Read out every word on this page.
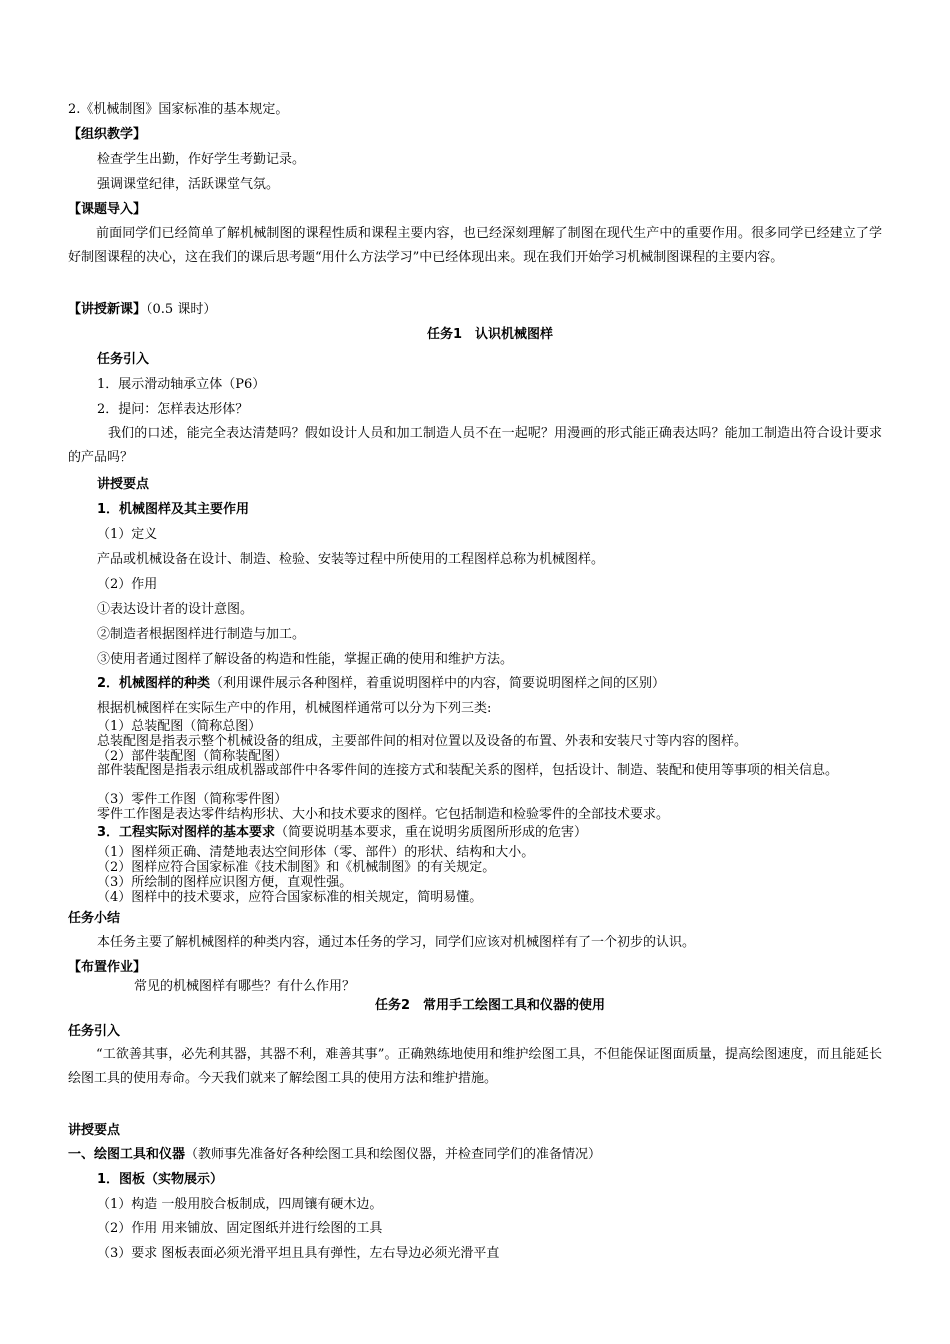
2.《机械制图》国家标准的基本规定。
【组织教学】
检查学生出勤，作好学生考勤记录。
强调课堂纪律，活跃课堂气氛。
【课题导入】
前面同学们已经简单了解机械制图的课程性质和课程主要内容，也已经深刻理解了制图在现代生产中的重要作用。很多同学已经建立了学好制图课程的决心，这在我们的课后思考题“用什么方法学习”中已经体现出来。现在我们开始学习机械制图课程的主要内容。
【讲授新课】（0.5 课时）
任务1　认识机械图样
任务引入
1．展示滑动轴承立体（P6）
2．提问：怎样表达形体？
我们的口述，能完全表达清楚吗？假如设计人员和加工制造人员不在一起呢？用漫画的形式能正确表达吗？能加工制造出符合设计要求的产品吗？
讲授要点
1．机械图样及其主要作用
（1）定义
产品或机械设备在设计、制造、检验、安装等过程中所使用的工程图样总称为机械图样。
（2）作用
①表达设计者的设计意图。
②制造者根据图样进行制造与加工。
③使用者通过图样了解设备的构造和性能，掌握正确的使用和维护方法。
2．机械图样的种类（利用课件展示各种图样，着重说明图样中的内容，简要说明图样之间的区别）
根据机械图样在实际生产中的作用，机械图样通常可以分为下列三类:
（1）总装配图（简称总图）
总装配图是指表示整个机械设备的组成，主要部件间的相对位置以及设备的布置、外表和安装尺寸等内容的图样。
（2）部件装配图（简称装配图）
部件装配图是指表示组成机器或部件中各零件间的连接方式和装配关系的图样，包括设计、制造、装配和使用等事项的相关信息。
（3）零件工作图（简称零件图）
零件工作图是表达零件结构形状、大小和技术要求的图样。它包括制造和检验零件的全部技术要求。
3．工程实际对图样的基本要求（简要说明基本要求，重在说明劣质图所形成的危害）
（1）图样须正确、清楚地表达空间形体（零、部件）的形状、结构和大小。
（2）图样应符合国家标准《技术制图》和《机械制图》的有关规定。
（3）所绘制的图样应识图方便，直观性强。
（4）图样中的技术要求，应符合国家标准的相关规定，简明易懂。
任务小结
本任务主要了解机械图样的种类内容，通过本任务的学习，同学们应该对机械图样有了一个初步的认识。
【布置作业】
常见的机械图样有哪些？有什么作用？
任务2　常用手工绘图工具和仪器的使用
任务引入
“工欲善其事，必先利其器，其器不利，难善其事”。正确熟练地使用和维护绘图工具，不但能保证图面质量，提高绘图速度，而且能延长绘图工具的使用寿命。今天我们就来了解绘图工具的使用方法和维护措施。
讲授要点
一、绘图工具和仪器（教师事先准备好各种绘图工具和绘图仪器，并检查同学们的准备情况）
1．图板（实物展示）
（1）构造 一般用胶合板制成，四周镶有硬木边。
（2）作用 用来铺放、固定图纸并进行绘图的工具
（3）要求 图板表面必须光滑平坦且具有弹性，左右导边必须光滑平直
